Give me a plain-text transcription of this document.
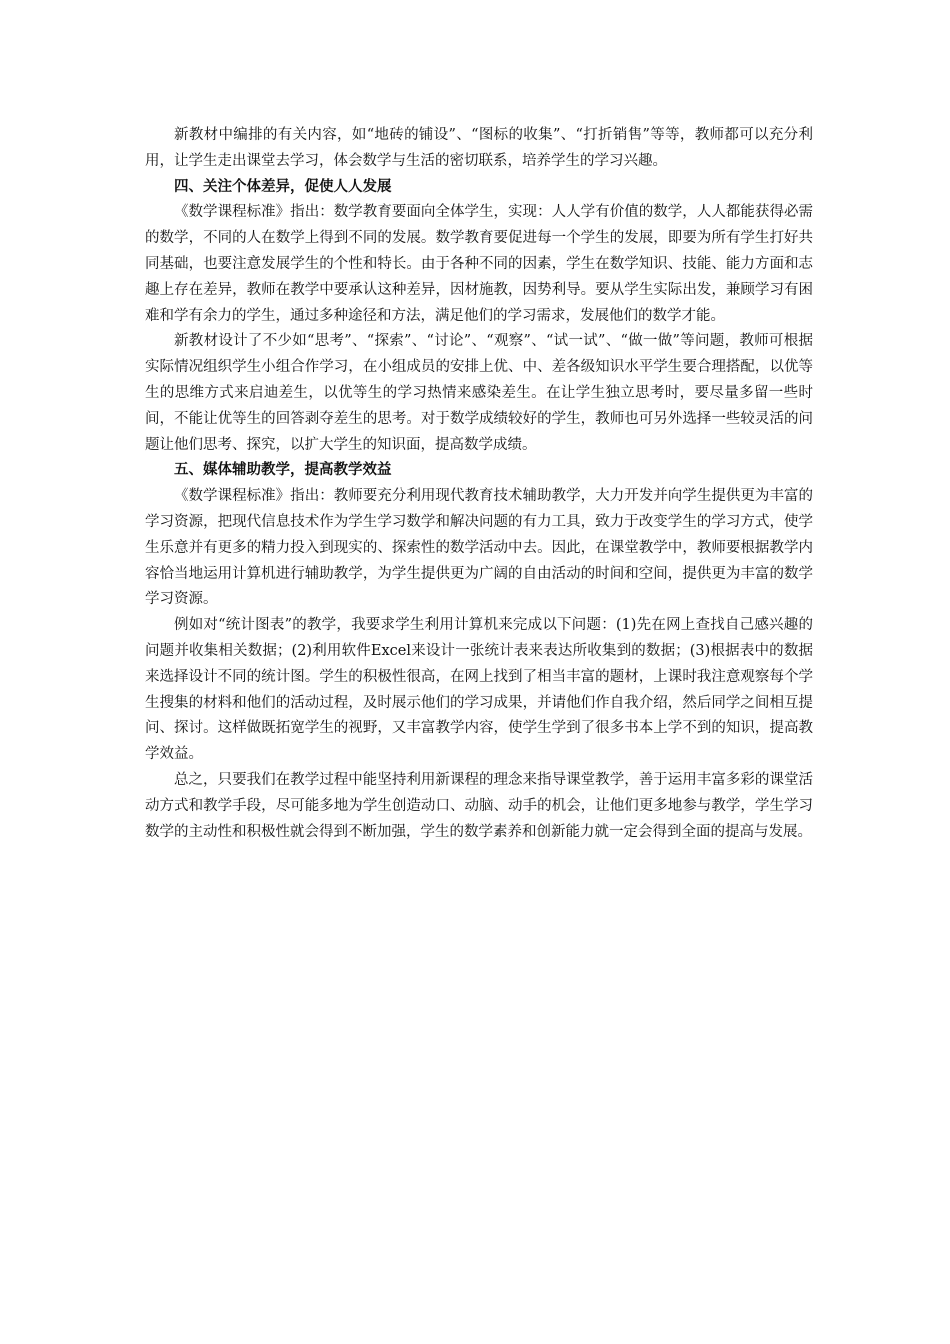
新教材中编排的有关内容，如“地砖的铺设”、“图标的收集”、“打折销售”等等，教师都可以充分利用，让学生走出课堂去学习，体会数学与生活的密切联系，培养学生的学习兴趣。

四、关注个体差异，促使人人发展

《数学课程标准》指出：数学教育要面向全体学生，实现：人人学有价值的数学，人人都能获得必需的数学，不同的人在数学上得到不同的发展。数学教育要促进每一个学生的发展，即要为所有学生打好共同基础，也要注意发展学生的个性和特长。由于各种不同的因素，学生在数学知识、技能、能力方面和志趣上存在差异，教师在教学中要承认这种差异，因材施教，因势利导。要从学生实际出发，兼顾学习有困难和学有余力的学生，通过多种途径和方法，满足他们的学习需求，发展他们的数学才能。

新教材设计了不少如“思考”、“探索”、“讨论”、“观察”、“试一试”、“做一做”等问题，教师可根据实际情况组织学生小组合作学习，在小组成员的安排上优、中、差各级知识水平学生要合理搭配，以优等生的思维方式来启迪差生，以优等生的学习热情来感染差生。在让学生独立思考时，要尽量多留一些时间，不能让优等生的回答剥夺差生的思考。对于数学成绩较好的学生，教师也可另外选择一些较灵活的问题让他们思考、探究，以扩大学生的知识面，提高数学成绩。

五、媒体辅助教学，提高教学效益

《数学课程标准》指出：教师要充分利用现代教育技术辅助教学，大力开发并向学生提供更为丰富的学习资源，把现代信息技术作为学生学习数学和解决问题的有力工具，致力于改变学生的学习方式，使学生乐意并有更多的精力投入到现实的、探索性的数学活动中去。因此，在课堂教学中，教师要根据教学内容恰当地运用计算机进行辅助教学，为学生提供更为广阔的自由活动的时间和空间，提供更为丰富的数学学习资源。

例如对“统计图表”的教学，我要求学生利用计算机来完成以下问题：(1)先在网上查找自己感兴趣的问题并收集相关数据；(2)利用软件Excel来设计一张统计表来表达所收集到的数据；(3)根据表中的数据来选择设计不同的统计图。学生的积极性很高，在网上找到了相当丰富的题材，上课时我注意观察每个学生搜集的材料和他们的活动过程，及时展示他们的学习成果，并请他们作自我介绍，然后同学之间相互提问、探讨。这样做既拓宽学生的视野，又丰富教学内容，使学生学到了很多书本上学不到的知识，提高教学效益。

总之，只要我们在教学过程中能坚持利用新课程的理念来指导课堂教学，善于运用丰富多彩的课堂活动方式和教学手段，尽可能多地为学生创造动口、动脑、动手的机会，让他们更多地参与教学，学生学习数学的主动性和积极性就会得到不断加强，学生的数学素养和创新能力就一定会得到全面的提高与发展。
